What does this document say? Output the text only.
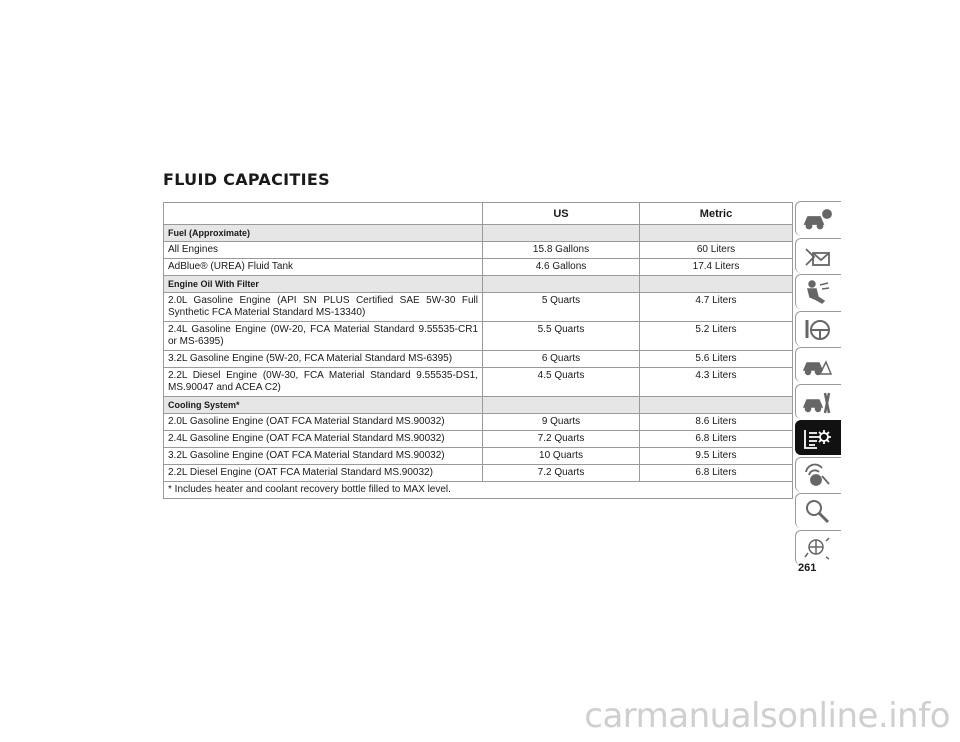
FLUID CAPACITIES
	US	Metric
Fuel (Approximate)		
All Engines	15.8 Gallons	60 Liters
AdBlue® (UREA) Fluid Tank	4.6 Gallons	17.4 Liters
Engine Oil With Filter		
2.0L Gasoline Engine (API SN PLUS Certified SAE 5W-30 Full Synthetic FCA Material Standard MS-13340)	5 Quarts	4.7 Liters
2.4L Gasoline Engine (0W-20, FCA Material Standard 9.55535-CR1 or MS-6395)	5.5 Quarts	5.2 Liters
3.2L Gasoline Engine (5W-20, FCA Material Standard MS-6395)	6 Quarts	5.6 Liters
2.2L Diesel Engine (0W-30, FCA Material Standard 9.55535-DS1, MS.90047 and ACEA C2)	4.5 Quarts	4.3 Liters
Cooling System*		
2.0L Gasoline Engine (OAT FCA Material Standard MS.90032)	9 Quarts	8.6 Liters
2.4L Gasoline Engine (OAT FCA Material Standard MS.90032)	7.2 Quarts	6.8 Liters
3.2L Gasoline Engine (OAT FCA Material Standard MS.90032)	10 Quarts	9.5 Liters
2.2L Diesel Engine (OAT FCA Material Standard MS.90032)	7.2 Quarts	6.8 Liters
* Includes heater and coolant recovery bottle filled to MAX level.		
261
carmanualsonline.info
